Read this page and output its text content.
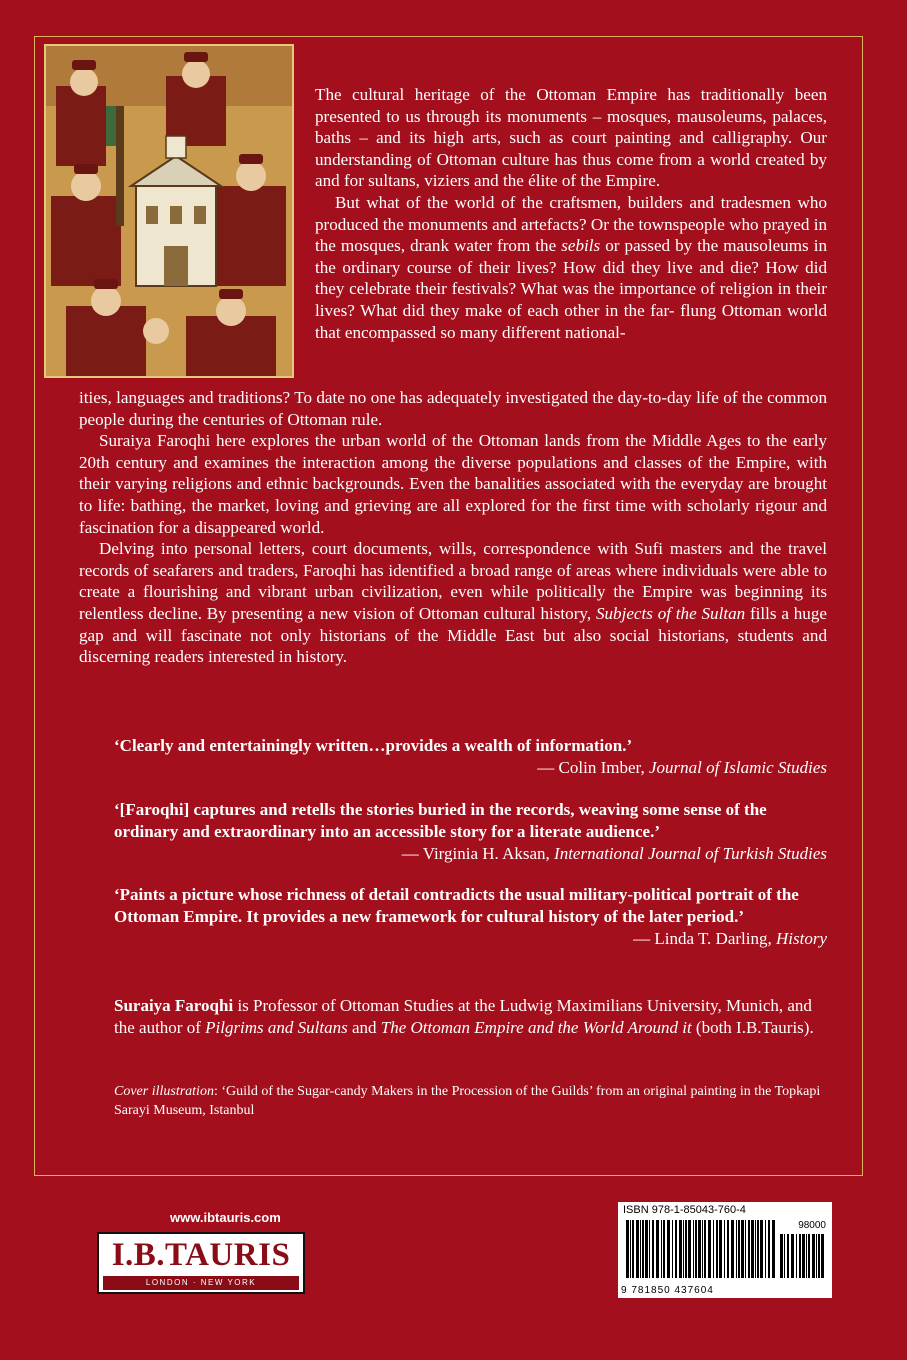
The cultural heritage of the Ottoman Empire has traditionally been presented to us through its monuments – mosques, mausoleums, palaces, baths – and its high arts, such as court painting and calligraphy. Our understanding of Ottoman culture has thus come from a world created by and for sultans, viziers and the élite of the Empire.

But what of the world of the craftsmen, builders and tradesmen who produced the monuments and artefacts? Or the townspeople who prayed in the mosques, drank water from the sebils or passed by the mausoleums in the ordinary course of their lives? How did they live and die? How did they celebrate their festivals? What was the importance of religion in their lives? What did they make of each other in the far- flung Ottoman world that encompassed so many different national-

ities, languages and traditions? To date no one has adequately investigated the day-to-day life of the common people during the centuries of Ottoman rule.

Suraiya Faroqhi here explores the urban world of the Ottoman lands from the Middle Ages to the early 20th century and examines the interaction among the diverse populations and classes of the Empire, with their varying religions and ethnic backgrounds. Even the banalities associated with the everyday are brought to life: bathing, the market, loving and grieving are all explored for the first time with scholarly rigour and fascination for a disappeared world.

Delving into personal letters, court documents, wills, correspondence with Sufi masters and the travel records of seafarers and traders, Faroqhi has identified a broad range of areas where individuals were able to create a flourishing and vibrant urban civilization, even while politically the Empire was beginning its relentless decline. By presenting a new vision of Ottoman cultural history, Subjects of the Sultan fills a huge gap and will fascinate not only historians of the Middle East but also social historians, students and discerning readers interested in history.

‘Clearly and entertainingly written…provides a wealth of information.’
— Colin Imber, Journal of Islamic Studies
‘[Faroqhi] captures and retells the stories buried in the records, weaving some sense of the ordinary and extraordinary into an accessible story for a literate audience.’
— Virginia H. Aksan, International Journal of Turkish Studies
‘Paints a picture whose richness of detail contradicts the usual military-political portrait of the Ottoman Empire. It provides a new framework for cultural history of the later period.’
— Linda T. Darling, History
Suraiya Faroqhi is Professor of Ottoman Studies at the Ludwig Maximilians University, Munich, and the author of Pilgrims and Sultans and The Ottoman Empire and the World Around it (both I.B.Tauris).
Cover illustration: ‘Guild of the Sugar-candy Makers in the Procession of the Guilds’ from an original painting in the Topkapi Sarayi Museum, Istanbul
www.ibtauris.com
I.B.TAURIS
LONDON · NEW YORK
ISBN 978-1-85043-760-4
98000
9 781850 437604
